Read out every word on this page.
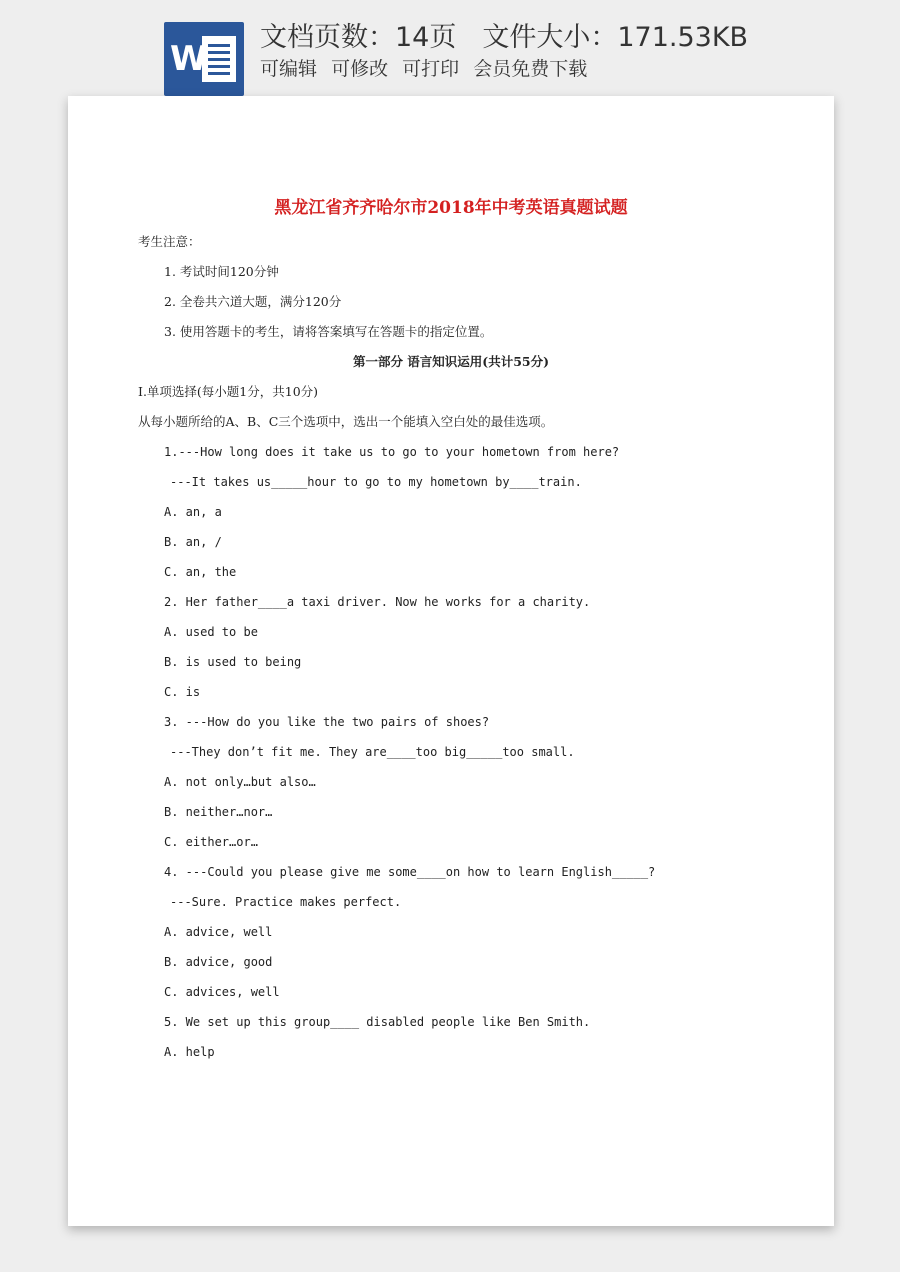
W
文档页数：14页 文件大小：171.53KB
可编辑 可修改 可打印 会员免费下载
黑龙江省齐齐哈尔市2018年中考英语真题试题
考生注意：
1. 考试时间120分钟
2. 全卷共六道大题，满分120分
3. 使用答题卡的考生，请将答案填写在答题卡的指定位置。
第一部分 语言知识运用(共计55分)
Ⅰ.单项选择(每小题1分，共10分)
从每小题所给的A、B、C三个选项中，选出一个能填入空白处的最佳选项。
1.---How long does it take us to go to your hometown from here?
---It takes us_____hour to go to my hometown by____train.
A. an, a
B. an, /
C. an, the
2. Her father____a taxi driver. Now he works for a charity.
A. used to be
B. is used to being
C. is
3. ---How do you like the two pairs of shoes?
---They don’t fit me. They are____too big_____too small.
A. not only…but also…
B. neither…nor…
C. either…or…
4. ---Could you please give me some____on how to learn English_____?
---Sure. Practice makes perfect.
A. advice, well
B. advice, good
C. advices, well
5. We set up this group____ disabled people like Ben Smith.
A. help
